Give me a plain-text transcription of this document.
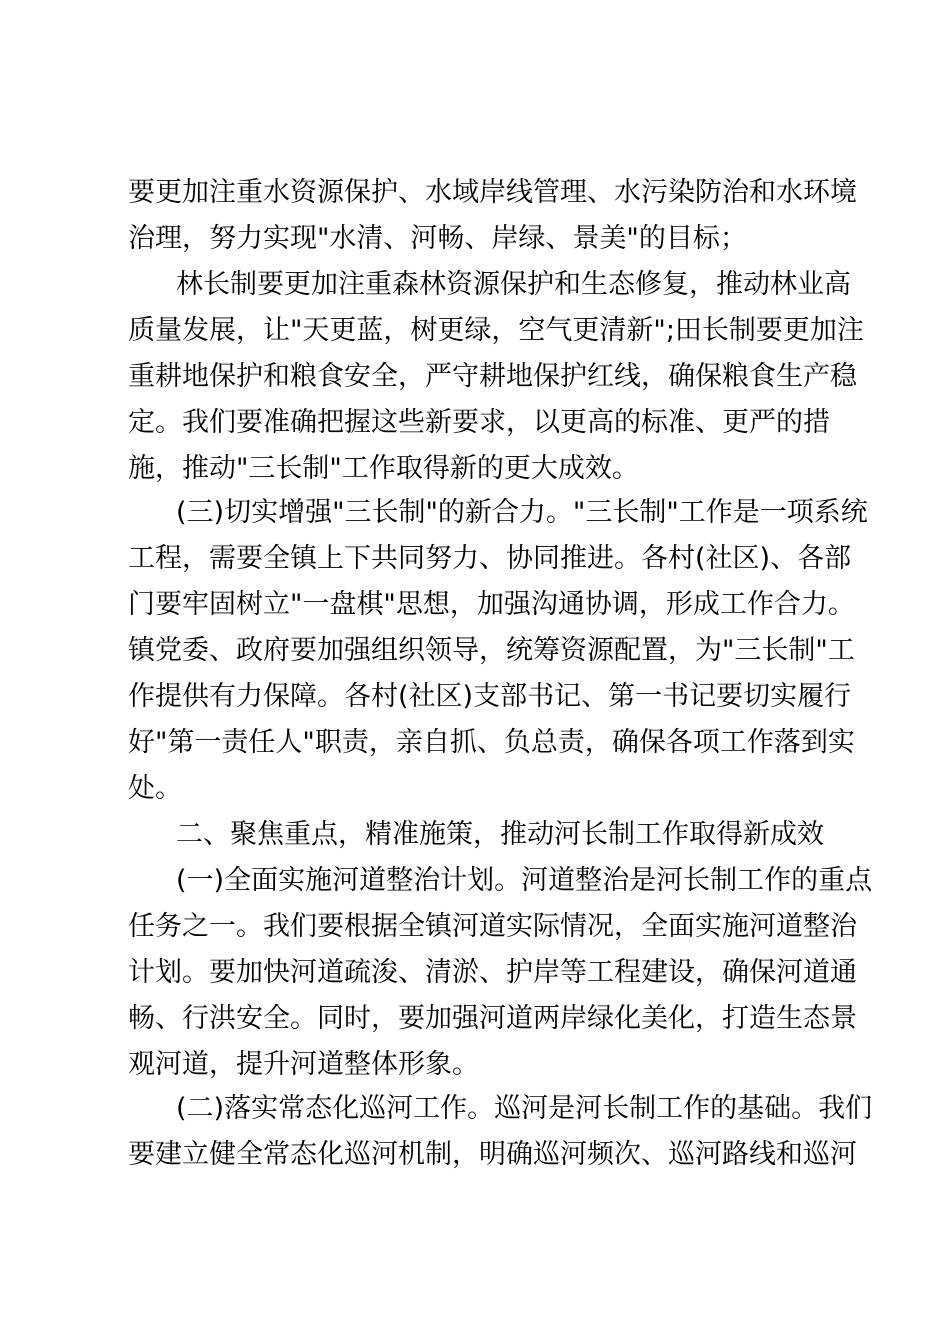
要更加注重水资源保护、水域岸线管理、水污染防治和水环境
治理，努力实现"水清、河畅、岸绿、景美"的目标；
林长制要更加注重森林资源保护和生态修复，推动林业高
质量发展，让"天更蓝，树更绿，空气更清新";田长制要更加注
重耕地保护和粮食安全，严守耕地保护红线，确保粮食生产稳
定。我们要准确把握这些新要求，以更高的标准、更严的措
施，推动"三长制"工作取得新的更大成效。
(三)切实增强"三长制"的新合力。"三长制"工作是一项系统
工程，需要全镇上下共同努力、协同推进。各村(社区)、各部
门要牢固树立"一盘棋"思想，加强沟通协调，形成工作合力。
镇党委、政府要加强组织领导，统筹资源配置，为"三长制"工
作提供有力保障。各村(社区)支部书记、第一书记要切实履行
好"第一责任人"职责，亲自抓、负总责，确保各项工作落到实
处。
二、聚焦重点，精准施策，推动河长制工作取得新成效
(一)全面实施河道整治计划。河道整治是河长制工作的重点
任务之一。我们要根据全镇河道实际情况，全面实施河道整治
计划。要加快河道疏浚、清淤、护岸等工程建设，确保河道通
畅、行洪安全。同时，要加强河道两岸绿化美化，打造生态景
观河道，提升河道整体形象。
(二)落实常态化巡河工作。巡河是河长制工作的基础。我们
要建立健全常态化巡河机制，明确巡河频次、巡河路线和巡河
